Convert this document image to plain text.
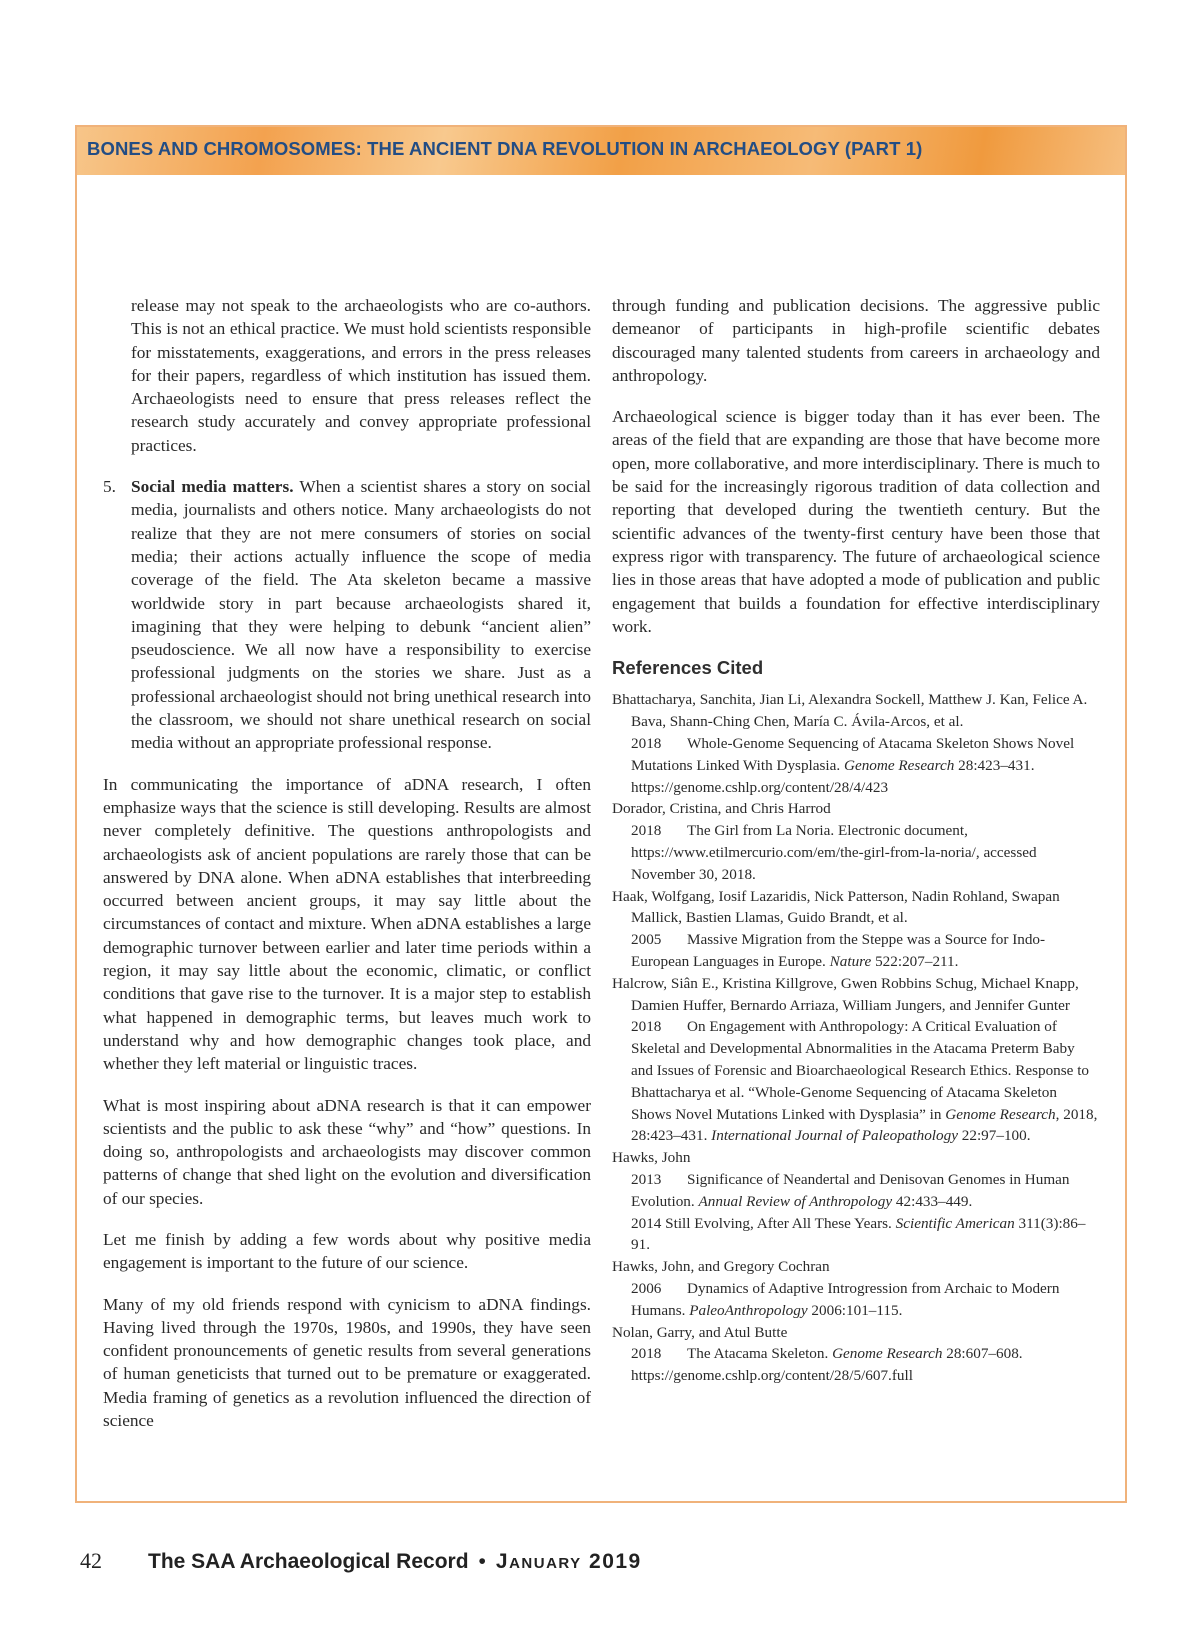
BONES AND CHROMOSOMES: THE ANCIENT DNA REVOLUTION IN ARCHAEOLOGY (PART 1)

release may not speak to the archaeologists who are co-authors. This is not an ethical practice. We must hold scientists responsible for misstatements, exaggerations, and errors in the press releases for their papers, regardless of which institution has issued them. Archaeologists need to ensure that press releases reflect the research study accurately and convey appropriate professional practices.

5. Social media matters. When a scientist shares a story on social media, journalists and others notice. Many archaeologists do not realize that they are not mere consumers of stories on social media; their actions actually influence the scope of media coverage of the field. The Ata skeleton became a massive worldwide story in part because archaeologists shared it, imagining that they were helping to debunk “ancient alien” pseudoscience. We all now have a responsibility to exercise professional judgments on the stories we share. Just as a professional archaeologist should not bring unethical research into the classroom, we should not share unethical research on social media without an appropriate professional response.

In communicating the importance of aDNA research, I often emphasize ways that the science is still developing. Results are almost never completely definitive. The questions anthropologists and archaeologists ask of ancient populations are rarely those that can be answered by DNA alone. When aDNA establishes that interbreeding occurred between ancient groups, it may say little about the circumstances of contact and mixture. When aDNA establishes a large demographic turnover between earlier and later time periods within a region, it may say little about the economic, climatic, or conflict conditions that gave rise to the turnover. It is a major step to establish what happened in demographic terms, but leaves much work to understand why and how demographic changes took place, and whether they left material or linguistic traces.

What is most inspiring about aDNA research is that it can empower scientists and the public to ask these “why” and “how” questions. In doing so, anthropologists and archaeologists may discover common patterns of change that shed light on the evolution and diversification of our species.

Let me finish by adding a few words about why positive media engagement is important to the future of our science.

Many of my old friends respond with cynicism to aDNA findings. Having lived through the 1970s, 1980s, and 1990s, they have seen confident pronouncements of genetic results from several generations of human geneticists that turned out to be premature or exaggerated. Media framing of genetics as a revolution influenced the direction of science

through funding and publication decisions. The aggressive public demeanor of participants in high-profile scientific debates discouraged many talented students from careers in archaeology and anthropology.

Archaeological science is bigger today than it has ever been. The areas of the field that are expanding are those that have become more open, more collaborative, and more interdisciplinary. There is much to be said for the increasingly rigorous tradition of data collection and reporting that developed during the twentieth century. But the scientific advances of the twenty-first century have been those that express rigor with transparency. The future of archaeological science lies in those areas that have adopted a mode of publication and public engagement that builds a foundation for effective interdisciplinary work.

References Cited
Bhattacharya, Sanchita, Jian Li, Alexandra Sockell, Matthew J. Kan, Felice A. Bava, Shann-Ching Chen, María C. Ávila-Arcos, et al.
2018 Whole-Genome Sequencing of Atacama Skeleton Shows Novel Mutations Linked With Dysplasia. Genome Research 28:423–431. https://genome.cshlp.org/content/28/4/423
Dorador, Cristina, and Chris Harrod
2018 The Girl from La Noria. Electronic document, https://www.etilmercurio.com/em/the-girl-from-la-noria/, accessed November 30, 2018.
Haak, Wolfgang, Iosif Lazaridis, Nick Patterson, Nadin Rohland, Swapan Mallick, Bastien Llamas, Guido Brandt, et al.
2005 Massive Migration from the Steppe was a Source for Indo-European Languages in Europe. Nature 522:207–211.
Halcrow, Siân E., Kristina Killgrove, Gwen Robbins Schug, Michael Knapp, Damien Huffer, Bernardo Arriaza, William Jungers, and Jennifer Gunter
2018 On Engagement with Anthropology: A Critical Evaluation of Skeletal and Developmental Abnormalities in the Atacama Preterm Baby and Issues of Forensic and Bioarchaeological Research Ethics. Response to Bhattacharya et al. “Whole-Genome Sequencing of Atacama Skeleton Shows Novel Mutations Linked with Dysplasia” in Genome Research, 2018, 28:423–431. International Journal of Paleopathology 22:97–100.
Hawks, John
2013 Significance of Neandertal and Denisovan Genomes in Human Evolution. Annual Review of Anthropology 42:433–449.
2014 Still Evolving, After All These Years. Scientific American 311(3):86–91.
Hawks, John, and Gregory Cochran
2006 Dynamics of Adaptive Introgression from Archaic to Modern Humans. PaleoAnthropology 2006:101–115.
Nolan, Garry, and Atul Butte
2018 The Atacama Skeleton. Genome Research 28:607–608. https://genome.cshlp.org/content/28/5/607.full
42 The SAA Archaeological Record • January 2019
